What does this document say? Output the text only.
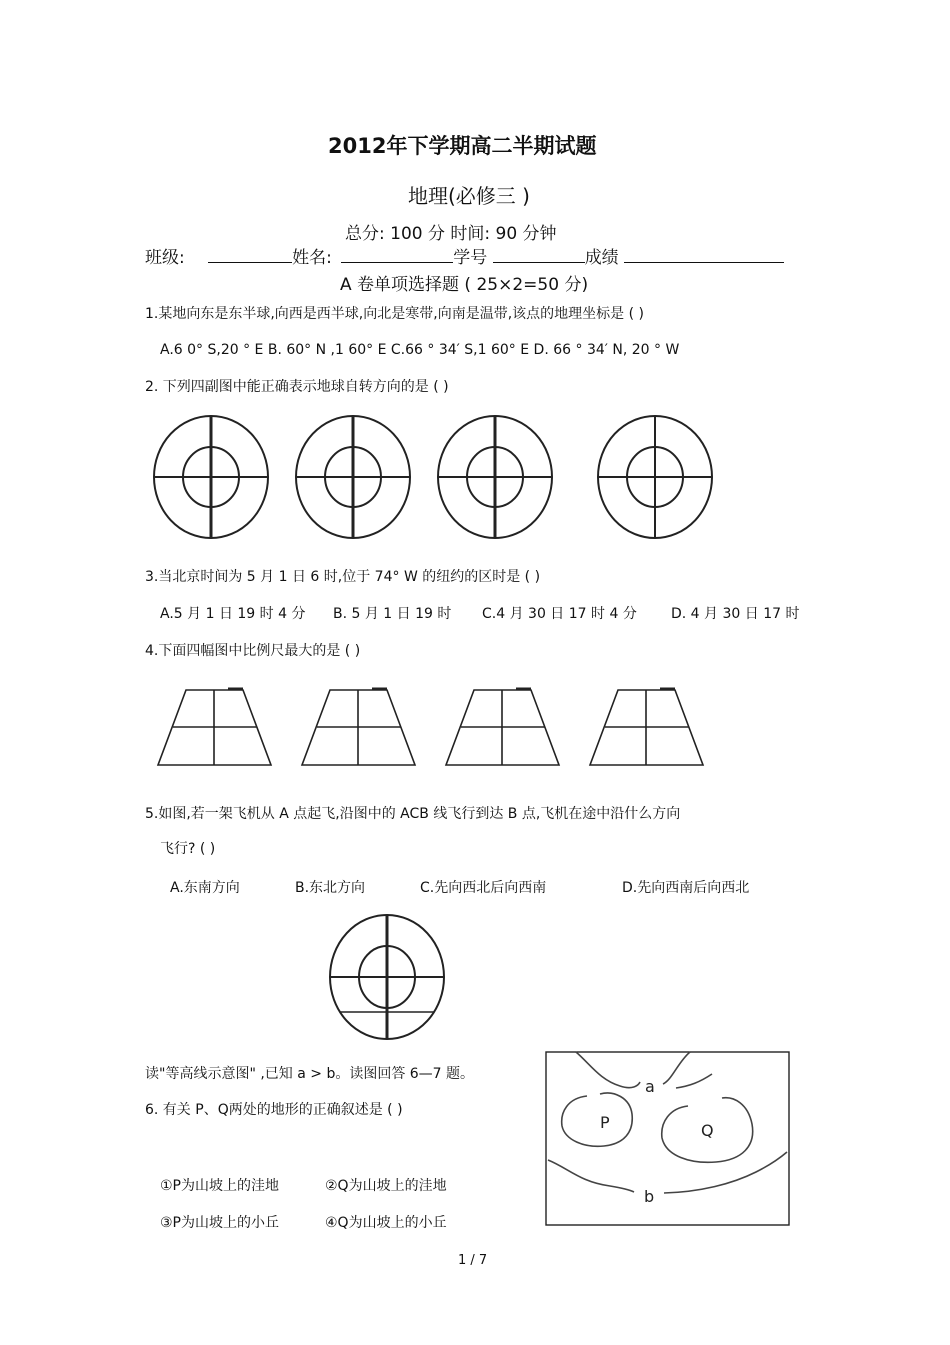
2012年下学期高二半期试题
地理(必修三 )
总分: 100 分 时间: 90 分钟
班级:	姓名:	学号	成绩
A 卷单项选择题 ( 25×2=50 分)
1.某地向东是东半球,向西是西半球,向北是寒带,向南是温带,该点的地理坐标是 ( )
A.6 0° S,20 ° E B. 60° N ,1 60° E C.66 ° 34′ S,1 60° E D. 66 ° 34′ N, 20 ° W
2. 下列四副图中能正确表示地球自转方向的是 ( )
a
P	Q
b
3.当北京时间为 5 月 1 日 6 时,位于 74° W 的纽约的区时是 ( )
A.5 月 1 日 19 时 4 分 B. 5 月 1 日 19 时 C.4 月 30 日 17 时 4 分 D. 4 月 30 日 17 时
4.下面四幅图中比例尺最大的是 ( )
5.如图,若一架飞机从 A 点起飞,沿图中的 ACB 线飞行到达 B 点,飞机在途中沿什么方向
飞行? ( )
A.东南方向	B.东北方向	C.先向西北后向西南	D.先向西南后向西北
读"等高线示意图" ,已知 a > b。读图回答 6—7 题。
6. 有关 P、Q两处的地形的正确叙述是 ( )
①P为山坡上的洼地	②Q为山坡上的洼地
③P为山坡上的小丘	④Q为山坡上的小丘
1 / 7
